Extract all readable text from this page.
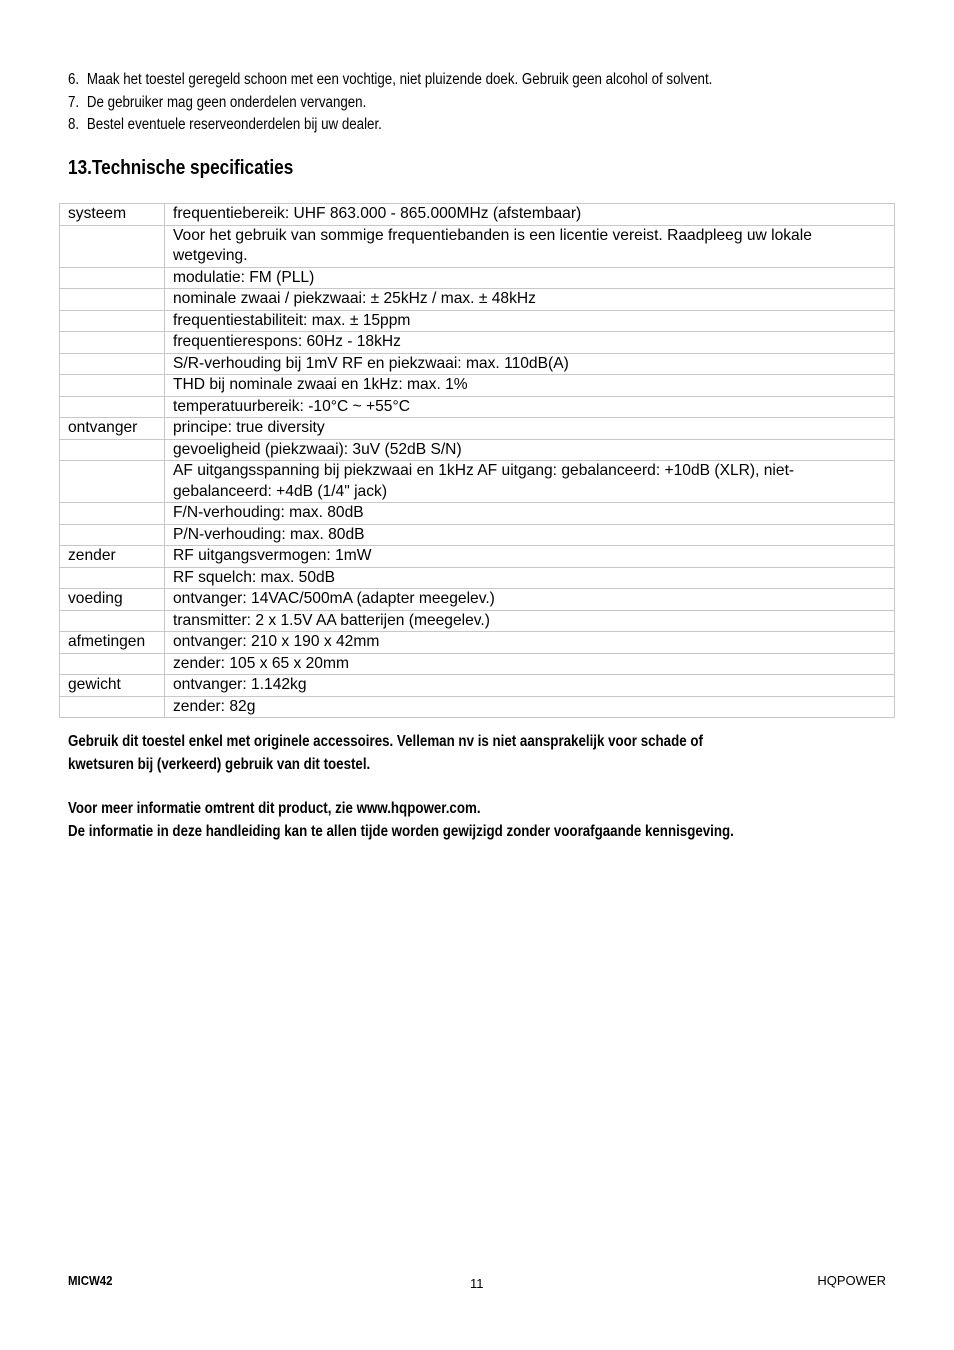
6. Maak het toestel geregeld schoon met een vochtige, niet pluizende doek. Gebruik geen alcohol of solvent.
7. De gebruiker mag geen onderdelen vervangen.
8. Bestel eventuele reserveonderdelen bij uw dealer.
13.Technische specificaties
systeem	frequentiebereik: UHF 863.000 - 865.000MHz (afstembaar)
	Voor het gebruik van sommige frequentiebanden is een licentie vereist. Raadpleeg uw lokale wetgeving.
	modulatie: FM (PLL)
	nominale zwaai / piekzwaai: ± 25kHz / max. ± 48kHz
	frequentiestabiliteit: max. ± 15ppm
	frequentierespons: 60Hz - 18kHz
	S/R-verhouding bij 1mV RF en piekzwaai: max. 110dB(A)
	THD bij nominale zwaai en 1kHz: max. 1%
	temperatuurbereik: -10°C ~ +55°C
ontvanger	principe: true diversity
	gevoeligheid (piekzwaai): 3uV (52dB S/N)
	AF uitgangsspanning bij piekzwaai en 1kHz AF uitgang: gebalanceerd: +10dB (XLR), niet-gebalanceerd: +4dB (1/4" jack)
	F/N-verhouding: max. 80dB
	P/N-verhouding: max. 80dB
zender	RF uitgangsvermogen: 1mW
	RF squelch: max. 50dB
voeding	ontvanger: 14VAC/500mA (adapter meegelev.)
	transmitter: 2 x 1.5V AA batterijen (meegelev.)
afmetingen	ontvanger: 210 x 190 x 42mm
	zender: 105 x 65 x 20mm
gewicht	ontvanger: 1.142kg
	zender: 82g
Gebruik dit toestel enkel met originele accessoires. Velleman nv is niet aansprakelijk voor schade of
kwetsuren bij (verkeerd) gebruik van dit toestel.
Voor meer informatie omtrent dit product, zie www.hqpower.com.
De informatie in deze handleiding kan te allen tijde worden gewijzigd zonder voorafgaande kennisgeving.
MICW42	11	HQPOWER
